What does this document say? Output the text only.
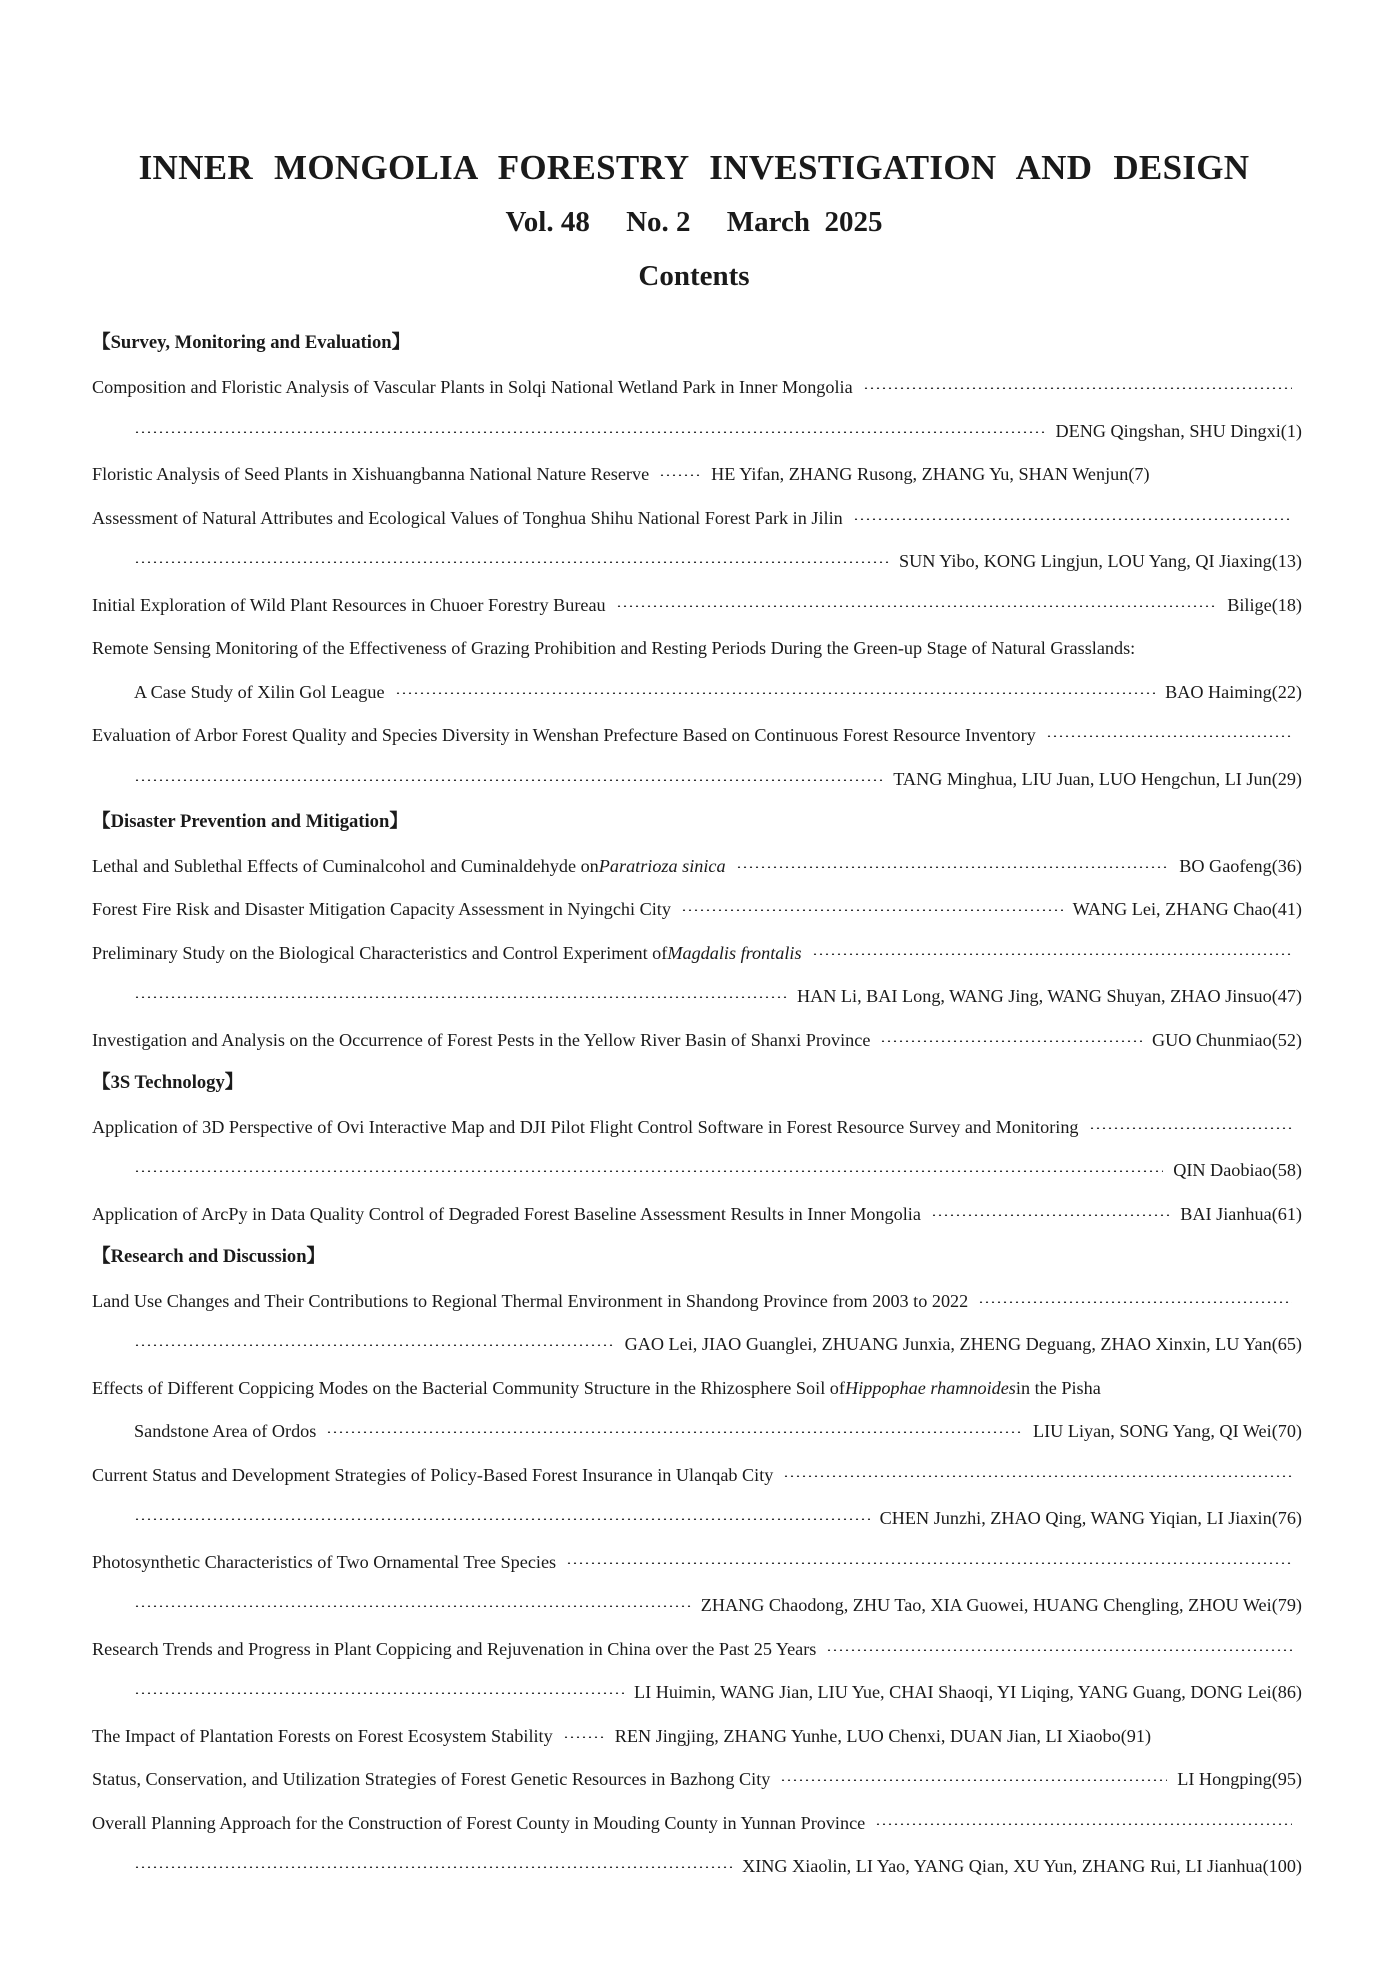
INNER MONGOLIA FORESTRY INVESTIGATION AND DESIGN
Vol. 48     No. 2     March  2025
Contents
【Survey, Monitoring and Evaluation】
Composition and Floristic Analysis of Vascular Plants in Solqi National Wetland Park in Inner Mongolia
DENG Qingshan, SHU Dingxi (1)
Floristic Analysis of Seed Plants in Xishuangbanna National Nature Reserve	HE Yifan, ZHANG Rusong, ZHANG Yu, SHAN Wenjun (7)
Assessment of Natural Attributes and Ecological Values of Tonghua Shihu National Forest Park in Jilin
SUN Yibo, KONG Lingjun, LOU Yang, QI Jiaxing (13)
Initial Exploration of Wild Plant Resources in Chuoer Forestry Bureau	Bilige (18)
Remote Sensing Monitoring of the Effectiveness of Grazing Prohibition and Resting Periods During the Green-up Stage of Natural Grasslands:
A Case Study of Xilin Gol League	BAO Haiming (22)
Evaluation of Arbor Forest Quality and Species Diversity in Wenshan Prefecture Based on Continuous Forest Resource Inventory
TANG Minghua, LIU Juan, LUO Hengchun, LI Jun (29)
【Disaster Prevention and Mitigation】
Lethal and Sublethal Effects of Cuminalcohol and Cuminaldehyde on Paratrioza sinica	BO Gaofeng (36)
Forest Fire Risk and Disaster Mitigation Capacity Assessment in Nyingchi City	WANG Lei, ZHANG Chao (41)
Preliminary Study on the Biological Characteristics and Control Experiment of Magdalis frontalis
HAN Li, BAI Long, WANG Jing, WANG Shuyan, ZHAO Jinsuo (47)
Investigation and Analysis on the Occurrence of Forest Pests in the Yellow River Basin of Shanxi Province	GUO Chunmiao (52)
【3S Technology】
Application of 3D Perspective of Ovi Interactive Map and DJI Pilot Flight Control Software in Forest Resource Survey and Monitoring
QIN Daobiao (58)
Application of ArcPy in Data Quality Control of Degraded Forest Baseline Assessment Results in Inner Mongolia	BAI Jianhua (61)
【Research and Discussion】
Land Use Changes and Their Contributions to Regional Thermal Environment in Shandong Province from 2003 to 2022
GAO Lei, JIAO Guanglei, ZHUANG Junxia, ZHENG Deguang, ZHAO Xinxin, LU Yan (65)
Effects of Different Coppicing Modes on the Bacterial Community Structure in the Rhizosphere Soil of Hippophae rhamnoides in the Pisha
Sandstone Area of Ordos	LIU Liyan, SONG Yang, QI Wei (70)
Current Status and Development Strategies of Policy-Based Forest Insurance in Ulanqab City
CHEN Junzhi, ZHAO Qing, WANG Yiqian, LI Jiaxin (76)
Photosynthetic Characteristics of Two Ornamental Tree Species
ZHANG Chaodong, ZHU Tao, XIA Guowei, HUANG Chengling, ZHOU Wei (79)
Research Trends and Progress in Plant Coppicing and Rejuvenation in China over the Past 25 Years
LI Huimin, WANG Jian, LIU Yue, CHAI Shaoqi, YI Liqing, YANG Guang, DONG Lei (86)
The Impact of Plantation Forests on Forest Ecosystem Stability	REN Jingjing, ZHANG Yunhe, LUO Chenxi, DUAN Jian, LI Xiaobo (91)
Status, Conservation, and Utilization Strategies of Forest Genetic Resources in Bazhong City	LI Hongping (95)
Overall Planning Approach for the Construction of Forest County in Mouding County in Yunnan Province
XING Xiaolin, LI Yao, YANG Qian, XU Yun, ZHANG Rui, LI Jianhua (100)
